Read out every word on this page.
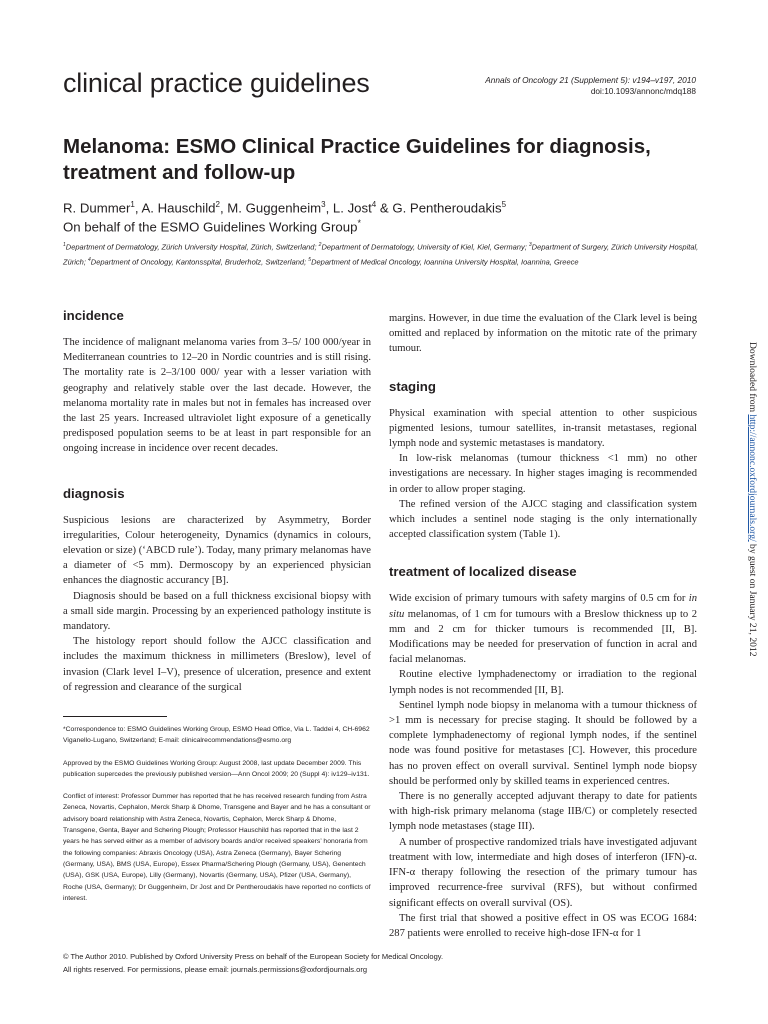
clinical practice guidelines	Annals of Oncology 21 (Supplement 5): v194–v197, 2010
doi:10.1093/annonc/mdq188
Melanoma: ESMO Clinical Practice Guidelines for diagnosis, treatment and follow-up
R. Dummer$^1$, A. Hauschild$^2$, M. Guggenheim$^3$, L. Jost$^4$ & G. Pentheroudakis$^5$
On behalf of the ESMO Guidelines Working Group*
$^1$Department of Dermatology, Zürich University Hospital, Zürich, Switzerland; $^2$Department of Dermatology, University of Kiel, Kiel, Germany; $^3$Department of Surgery, Zürich University Hospital, Zürich; $^4$Department of Oncology, Kantonsspital, Bruderholz, Switzerland; $^5$Department of Medical Oncology, Ioannina University Hospital, Ioannina, Greece
incidence

The incidence of malignant melanoma varies from 3–5/ 100 000/year in Mediterranean countries to 12–20 in Nordic countries and is still rising. The mortality rate is 2–3/100 000/ year with a lesser variation with geography and relatively stable over the last decade. However, the melanoma mortality rate in males but not in females has increased over the last 25 years. Increased ultraviolet light exposure of a genetically predisposed population seems to be at least in part responsible for an ongoing increase in incidence over recent decades.

diagnosis

Suspicious lesions are characterized by Asymmetry, Border irregularities, Colour heterogeneity, Dynamics (dynamics in colours, elevation or size) (‘ABCD rule’). Today, many primary melanomas have a diameter of <5 mm). Dermoscopy by an experienced physician enhances the diagnostic accurancy [B].

Diagnosis should be based on a full thickness excisional biopsy with a small side margin. Processing by an experienced pathology institute is mandatory.

The histology report should follow the AJCC classification and includes the maximum thickness in millimeters (Breslow), level of invasion (Clark level I–V), presence of ulceration, presence and extent of regression and clearance of the surgical

*Correspondence to: ESMO Guidelines Working Group, ESMO Head Office, Via L. Taddei 4, CH-6962 Viganello-Lugano, Switzerland; E-mail: clinicalrecommendations@esmo.org
Approved by the ESMO Guidelines Working Group: August 2008, last update December 2009. This publication supercedes the previously published version—Ann Oncol 2009; 20 (Suppl 4): iv129–iv131.
Conflict of interest: Professor Dummer has reported that he has received research funding from Astra Zeneca, Novartis, Cephalon, Merck Sharp & Dhome, Transgene and Bayer and he has a consultant or advisory board relationship with Astra Zeneca, Novartis, Cephalon, Merck Sharp & Dhome, Transgene, Genta, Bayer and Schering Plough; Professor Hauschild has reported that in the last 2 years he has served either as a member of advisory boards and/or received speakers’ honoraria from the following companies: Abraxis Oncology (USA), Astra Zeneca (Germany), Bayer Schering (Germany, USA), BMS (USA, Europe), Essex Pharma/Schering Plough (Germany, USA), Genentech (USA), GSK (USA, Europe), Lilly (Germany), Novartis (Germany, USA), Pfizer (USA, Germany), Roche (USA, Germany); Dr Guggenheim, Dr Jost and Dr Pentheroudakis have reported no conflicts of interest.

margins. However, in due time the evaluation of the Clark level is being omitted and replaced by information on the mitotic rate of the primary tumour.

staging

Physical examination with special attention to other suspicious pigmented lesions, tumour satellites, in-transit metastases, regional lymph node and systemic metastases is mandatory.

In low-risk melanomas (tumour thickness <1 mm) no other investigations are necessary. In higher stages imaging is recommended in order to allow proper staging.

The refined version of the AJCC staging and classification system which includes a sentinel node staging is the only internationally accepted classification system (Table 1).

treatment of localized disease

Wide excision of primary tumours with safety margins of 0.5 cm for in situ melanomas, of 1 cm for tumours with a Breslow thickness up to 2 mm and 2 cm for thicker tumours is recommended [II, B]. Modifications may be needed for preservation of function in acral and facial melanomas.

Routine elective lymphadenectomy or irradiation to the regional lymph nodes is not recommended [II, B].

Sentinel lymph node biopsy in melanoma with a tumour thickness of >1 mm is necessary for precise staging. It should be followed by a complete lymphadenectomy of regional lymph nodes, if the sentinel node was found positive for metastases [C]. However, this procedure has no proven effect on overall survival. Sentinel lymph node biopsy should be performed only by skilled teams in experienced centres.

There is no generally accepted adjuvant therapy to date for patients with high-risk primary melanoma (stage IIB/C) or completely resected lymph node metastases (stage III).

A number of prospective randomized trials have investigated adjuvant treatment with low, intermediate and high doses of interferon (IFN)-α. IFN-α therapy following the resection of the primary tumour has improved recurrence-free survival (RFS), but without confirmed significant effects on overall survival (OS).

The first trial that showed a positive effect in OS was ECOG 1684: 287 patients were enrolled to receive high-dose IFN-α for 1

© The Author 2010. Published by Oxford University Press on behalf of the European Society for Medical Oncology.
All rights reserved. For permissions, please email: journals.permissions@oxfordjournals.org
Downloaded from http://annonc.oxfordjournals.org/ by guest on January 21, 2012
